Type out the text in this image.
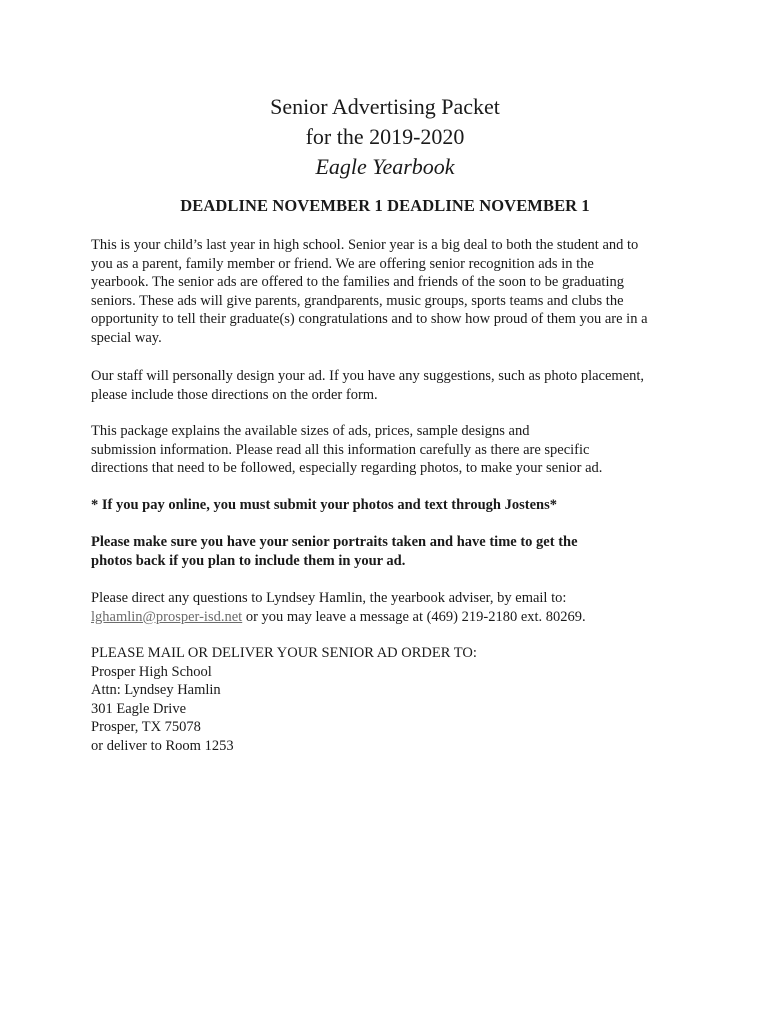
Senior Advertising Packet
for the 2019-2020
Eagle Yearbook
DEADLINE NOVEMBER 1 DEADLINE NOVEMBER 1
This is your child’s last year in high school. Senior year is a big deal to both the student and to
you as a parent, family member or friend. We are offering senior recognition ads in the
yearbook. The senior ads are offered to the families and friends of the soon to be graduating
seniors. These ads will give parents, grandparents, music groups, sports teams and clubs the
opportunity to tell their graduate(s) congratulations and to show how proud of them you are in a
special way.
Our staff will personally design your ad. If you have any suggestions, such as photo placement,
please include those directions on the order form.
This package explains the available sizes of ads, prices, sample designs and
submission information. Please read all this information carefully as there are specific
directions that need to be followed, especially regarding photos, to make your senior ad.
* If you pay online, you must submit your photos and text through Jostens*
Please make sure you have your senior portraits taken and have time to get the
photos back if you plan to include them in your ad.
Please direct any questions to Lyndsey Hamlin, the yearbook adviser, by email to:
lghamlin@prosper-isd.net or you may leave a message at (469) 219-2180 ext. 80269.
PLEASE MAIL OR DELIVER YOUR SENIOR AD ORDER TO:
Prosper High School
Attn: Lyndsey Hamlin
301 Eagle Drive
Prosper, TX 75078
or deliver to Room 1253
